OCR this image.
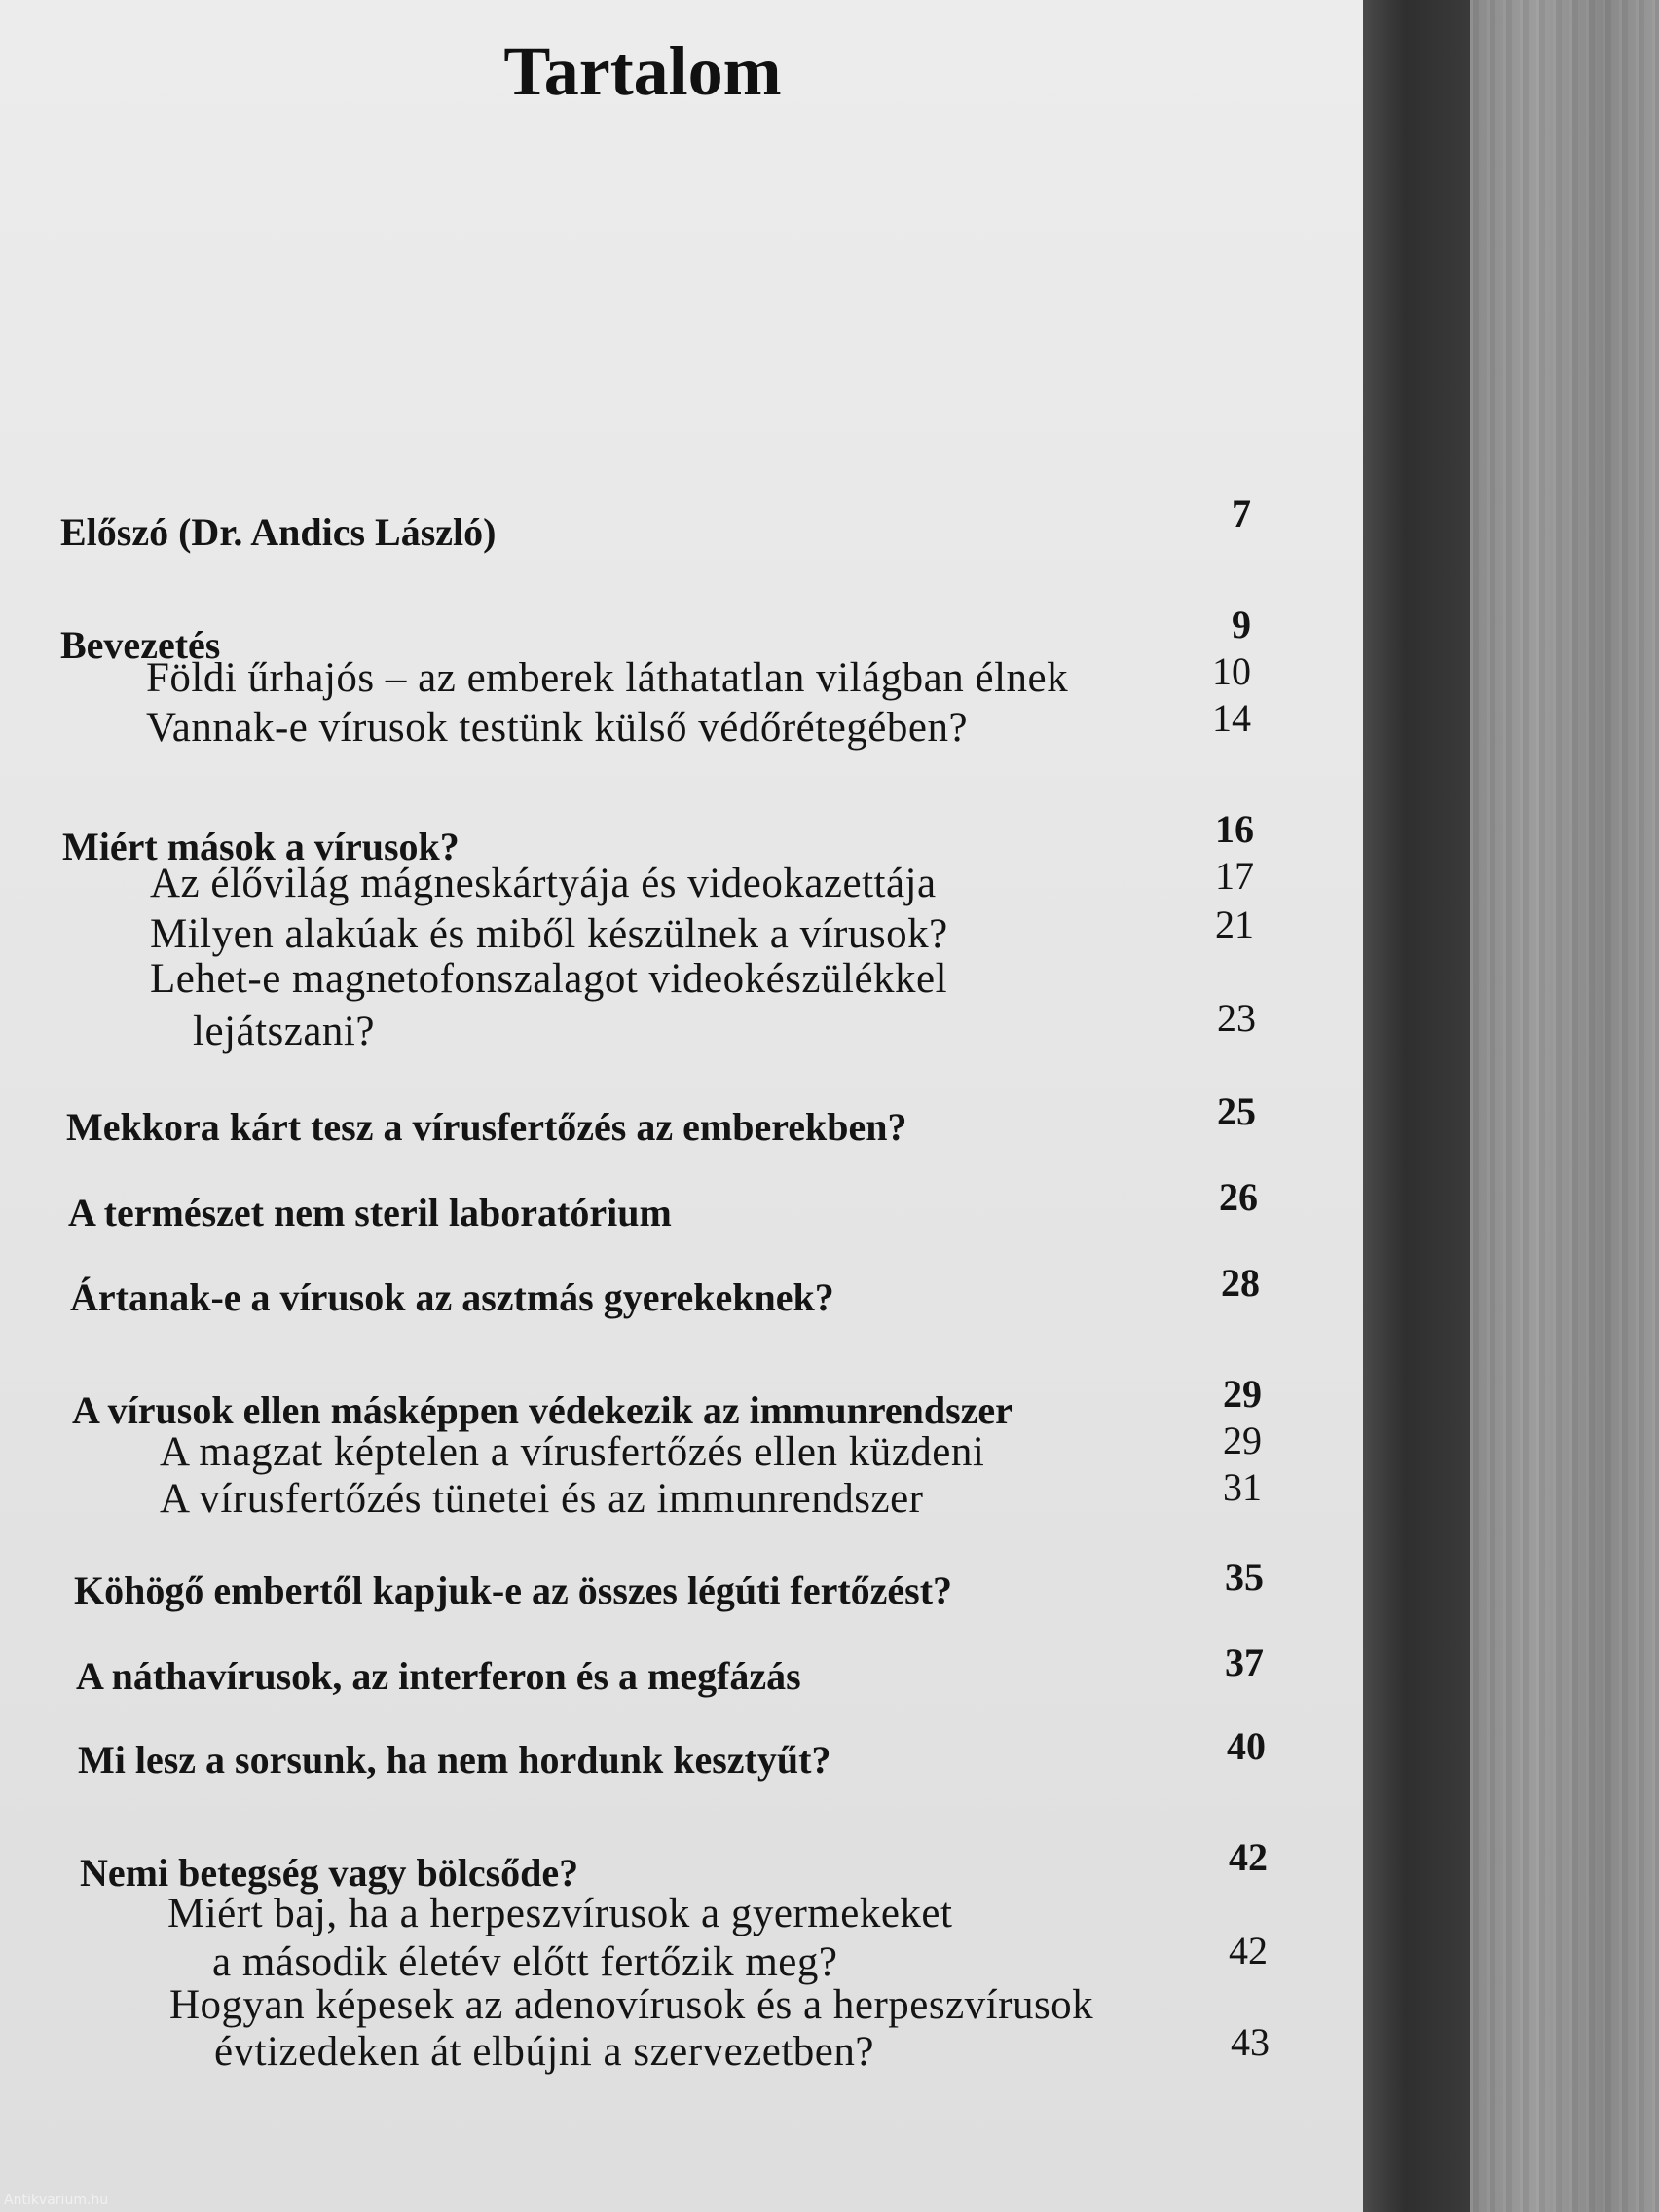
Tartalom
Előszó (Dr. Andics László)	7
Bevezetés	9
Földi űrhajós – az emberek láthatatlan világban élnek	10
Vannak-e vírusok testünk külső védőrétegében?	14
Miért mások a vírusok?	16
Az élővilág mágneskártyája és videokazettája	17
Milyen alakúak és miből készülnek a vírusok?	21
Lehet-e magnetofonszalagot videokészülékkel
lejátszani?	23
Mekkora kárt tesz a vírusfertőzés az emberekben?	25
A természet nem steril laboratórium	26
Ártanak-e a vírusok az asztmás gyerekeknek?	28
A vírusok ellen másképpen védekezik az immunrendszer	29
A magzat képtelen a vírusfertőzés ellen küzdeni	29
A vírusfertőzés tünetei és az immunrendszer	31
Köhögő embertől kapjuk-e az összes légúti fertőzést?	35
A náthavírusok, az interferon és a megfázás	37
Mi lesz a sorsunk, ha nem hordunk kesztyűt?	40
Nemi betegség vagy bölcsőde?	42
Miért baj, ha a herpeszvírusok a gyermekeket
a második életév előtt fertőzik meg?	42
Hogyan képesek az adenovírusok és a herpeszvírusok
évtizedeken át elbújni a szervezetben?	43
Antikvarium.hu
